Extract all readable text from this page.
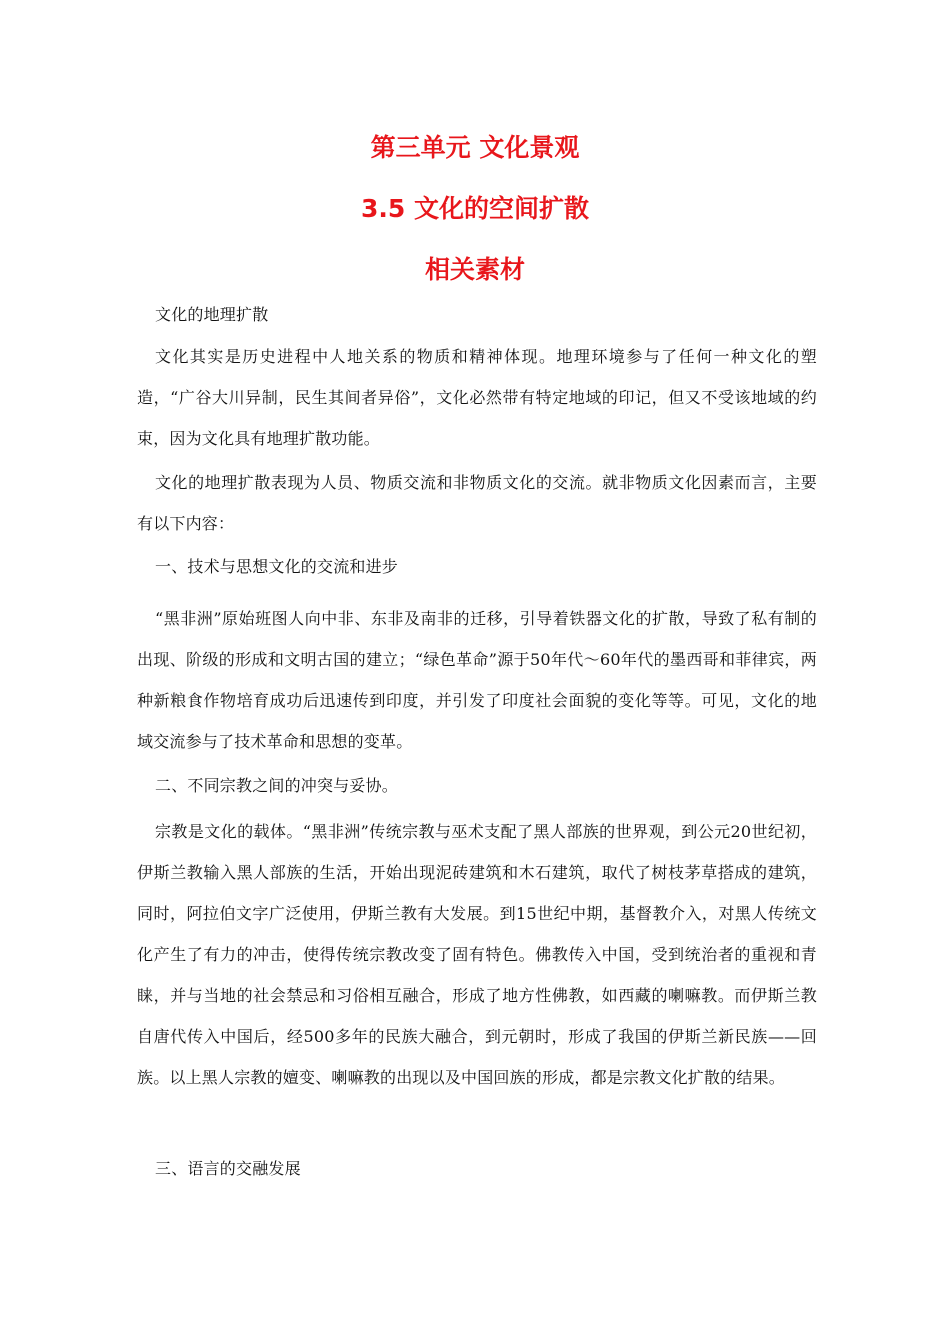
第三单元 文化景观
3.5 文化的空间扩散
相关素材

文化的地理扩散

文化其实是历史进程中人地关系的物质和精神体现。地理环境参与了任何一种文化的塑造，“广谷大川异制，民生其间者异俗”，文化必然带有特定地域的印记，但又不受该地域的约束，因为文化具有地理扩散功能。

文化的地理扩散表现为人员、物质交流和非物质文化的交流。就非物质文化因素而言，主要有以下内容：

一、技术与思想文化的交流和进步

“黑非洲”原始班图人向中非、东非及南非的迁移，引导着铁器文化的扩散，导致了私有制的出现、阶级的形成和文明古国的建立；“绿色革命”源于50年代～60年代的墨西哥和菲律宾，两种新粮食作物培育成功后迅速传到印度，并引发了印度社会面貌的变化等等。可见，文化的地域交流参与了技术革命和思想的变革。

二、不同宗教之间的冲突与妥协。

宗教是文化的载体。“黑非洲”传统宗教与巫术支配了黑人部族的世界观，到公元20世纪初，伊斯兰教输入黑人部族的生活，开始出现泥砖建筑和木石建筑，取代了树枝茅草搭成的建筑，同时，阿拉伯文字广泛使用，伊斯兰教有大发展。到15世纪中期，基督教介入，对黑人传统文化产生了有力的冲击，使得传统宗教改变了固有特色。佛教传入中国，受到统治者的重视和青睐，并与当地的社会禁忌和习俗相互融合，形成了地方性佛教，如西藏的喇嘛教。而伊斯兰教自唐代传入中国后，经500多年的民族大融合，到元朝时，形成了我国的伊斯兰新民族——回族。以上黑人宗教的嬗变、喇嘛教的出现以及中国回族的形成，都是宗教文化扩散的结果。

三、语言的交融发展
